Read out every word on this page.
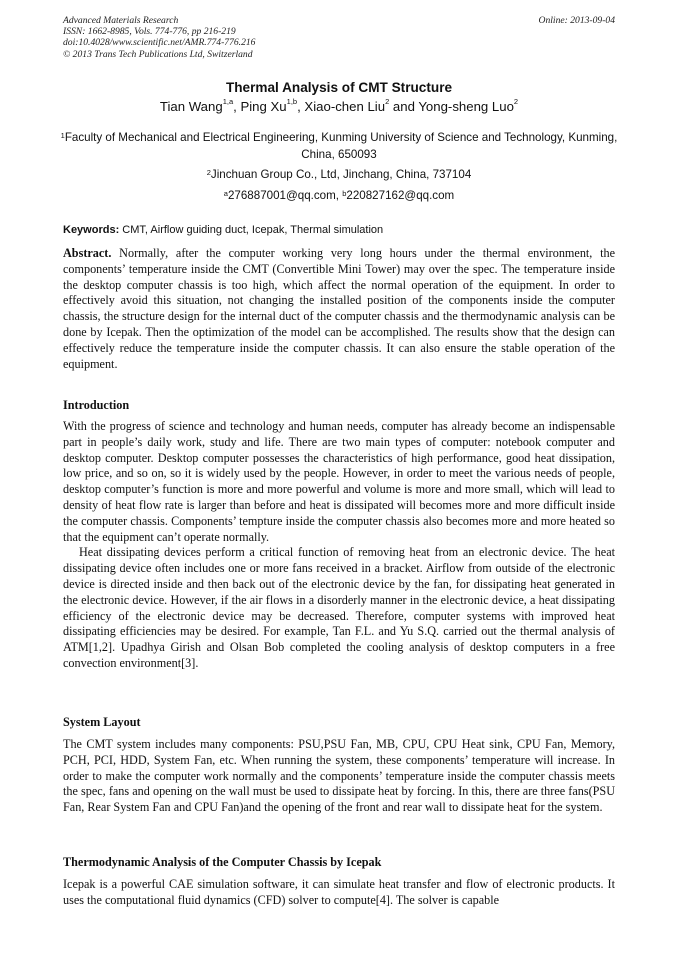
Advanced Materials Research
ISSN: 1662-8985, Vols. 774-776, pp 216-219
doi:10.4028/www.scientific.net/AMR.774-776.216
© 2013 Trans Tech Publications Ltd, Switzerland
Online: 2013-09-04
Thermal Analysis of CMT Structure
Tian Wang$^{1,a}$, Ping Xu$^{1,b}$, Xiao-chen Liu$^2$ and Yong-sheng Luo$^2$
$^1$Faculty of Mechanical and Electrical Engineering, Kunming University of Science and Technology, Kunming, China, 650093
$^2$Jinchuan Group Co., Ltd, Jinchang, China, 737104
$^a$276887001@qq.com, $^b$220827162@qq.com
Keywords: CMT, Airflow guiding duct, Icepak, Thermal simulation

Abstract. Normally, after the computer working very long hours under the thermal environment, the components’ temperature inside the CMT (Convertible Mini Tower) may over the spec. The temperature inside the desktop computer chassis is too high, which affect the normal operation of the equipment. In order to effectively avoid this situation, not changing the installed position of the components inside the computer chassis, the structure design for the internal duct of the computer chassis and the thermodynamic analysis can be done by Icepak. Then the optimization of the model can be accomplished. The results show that the design can effectively reduce the temperature inside the computer chassis. It can also ensure the stable operation of the equipment.

Introduction

With the progress of science and technology and human needs, computer has already become an indispensable part in people’s daily work, study and life. There are two main types of computer: notebook computer and desktop computer. Desktop computer possesses the characteristics of high performance, good heat dissipation, low price, and so on, so it is widely used by the people. However, in order to meet the various needs of people, desktop computer’s function is more and more powerful and volume is more and more small, which will lead to density of heat flow rate is larger than before and heat is dissipated will becomes more and more difficult inside the computer chassis. Components’ tempture inside the computer chassis also becomes more and more heated so that the equipment can’t operate normally.

Heat dissipating devices perform a critical function of removing heat from an electronic device. The heat dissipating device often includes one or more fans received in a bracket. Airflow from outside of the electronic device is directed inside and then back out of the electronic device by the fan, for dissipating heat generated in the electronic device. However, if the air flows in a disorderly manner in the electronic device, a heat dissipating efficiency of the electronic device may be decreased. Therefore, computer systems with improved heat dissipating efficiencies may be desired. For example, Tan F.L. and Yu S.Q. carried out the thermal analysis of ATM[1,2]. Upadhya Girish and Olsan Bob completed the cooling analysis of desktop computers in a free convection environment[3].

System Layout

The CMT system includes many components: PSU,PSU Fan, MB, CPU, CPU Heat sink, CPU Fan, Memory, PCH, PCI, HDD, System Fan, etc. When running the system, these components’ temperature will increase. In order to make the computer work normally and the components’ temperature inside the computer chassis meets the spec, fans and opening on the wall must be used to dissipate heat by forcing. In this, there are three fans(PSU Fan, Rear System Fan and CPU Fan)and the opening of the front and rear wall to dissipate heat for the system.

Thermodynamic Analysis of the Computer Chassis by Icepak

Icepak is a powerful CAE simulation software, it can simulate heat transfer and flow of electronic products. It uses the computational fluid dynamics (CFD) solver to compute[4]. The solver is capable
